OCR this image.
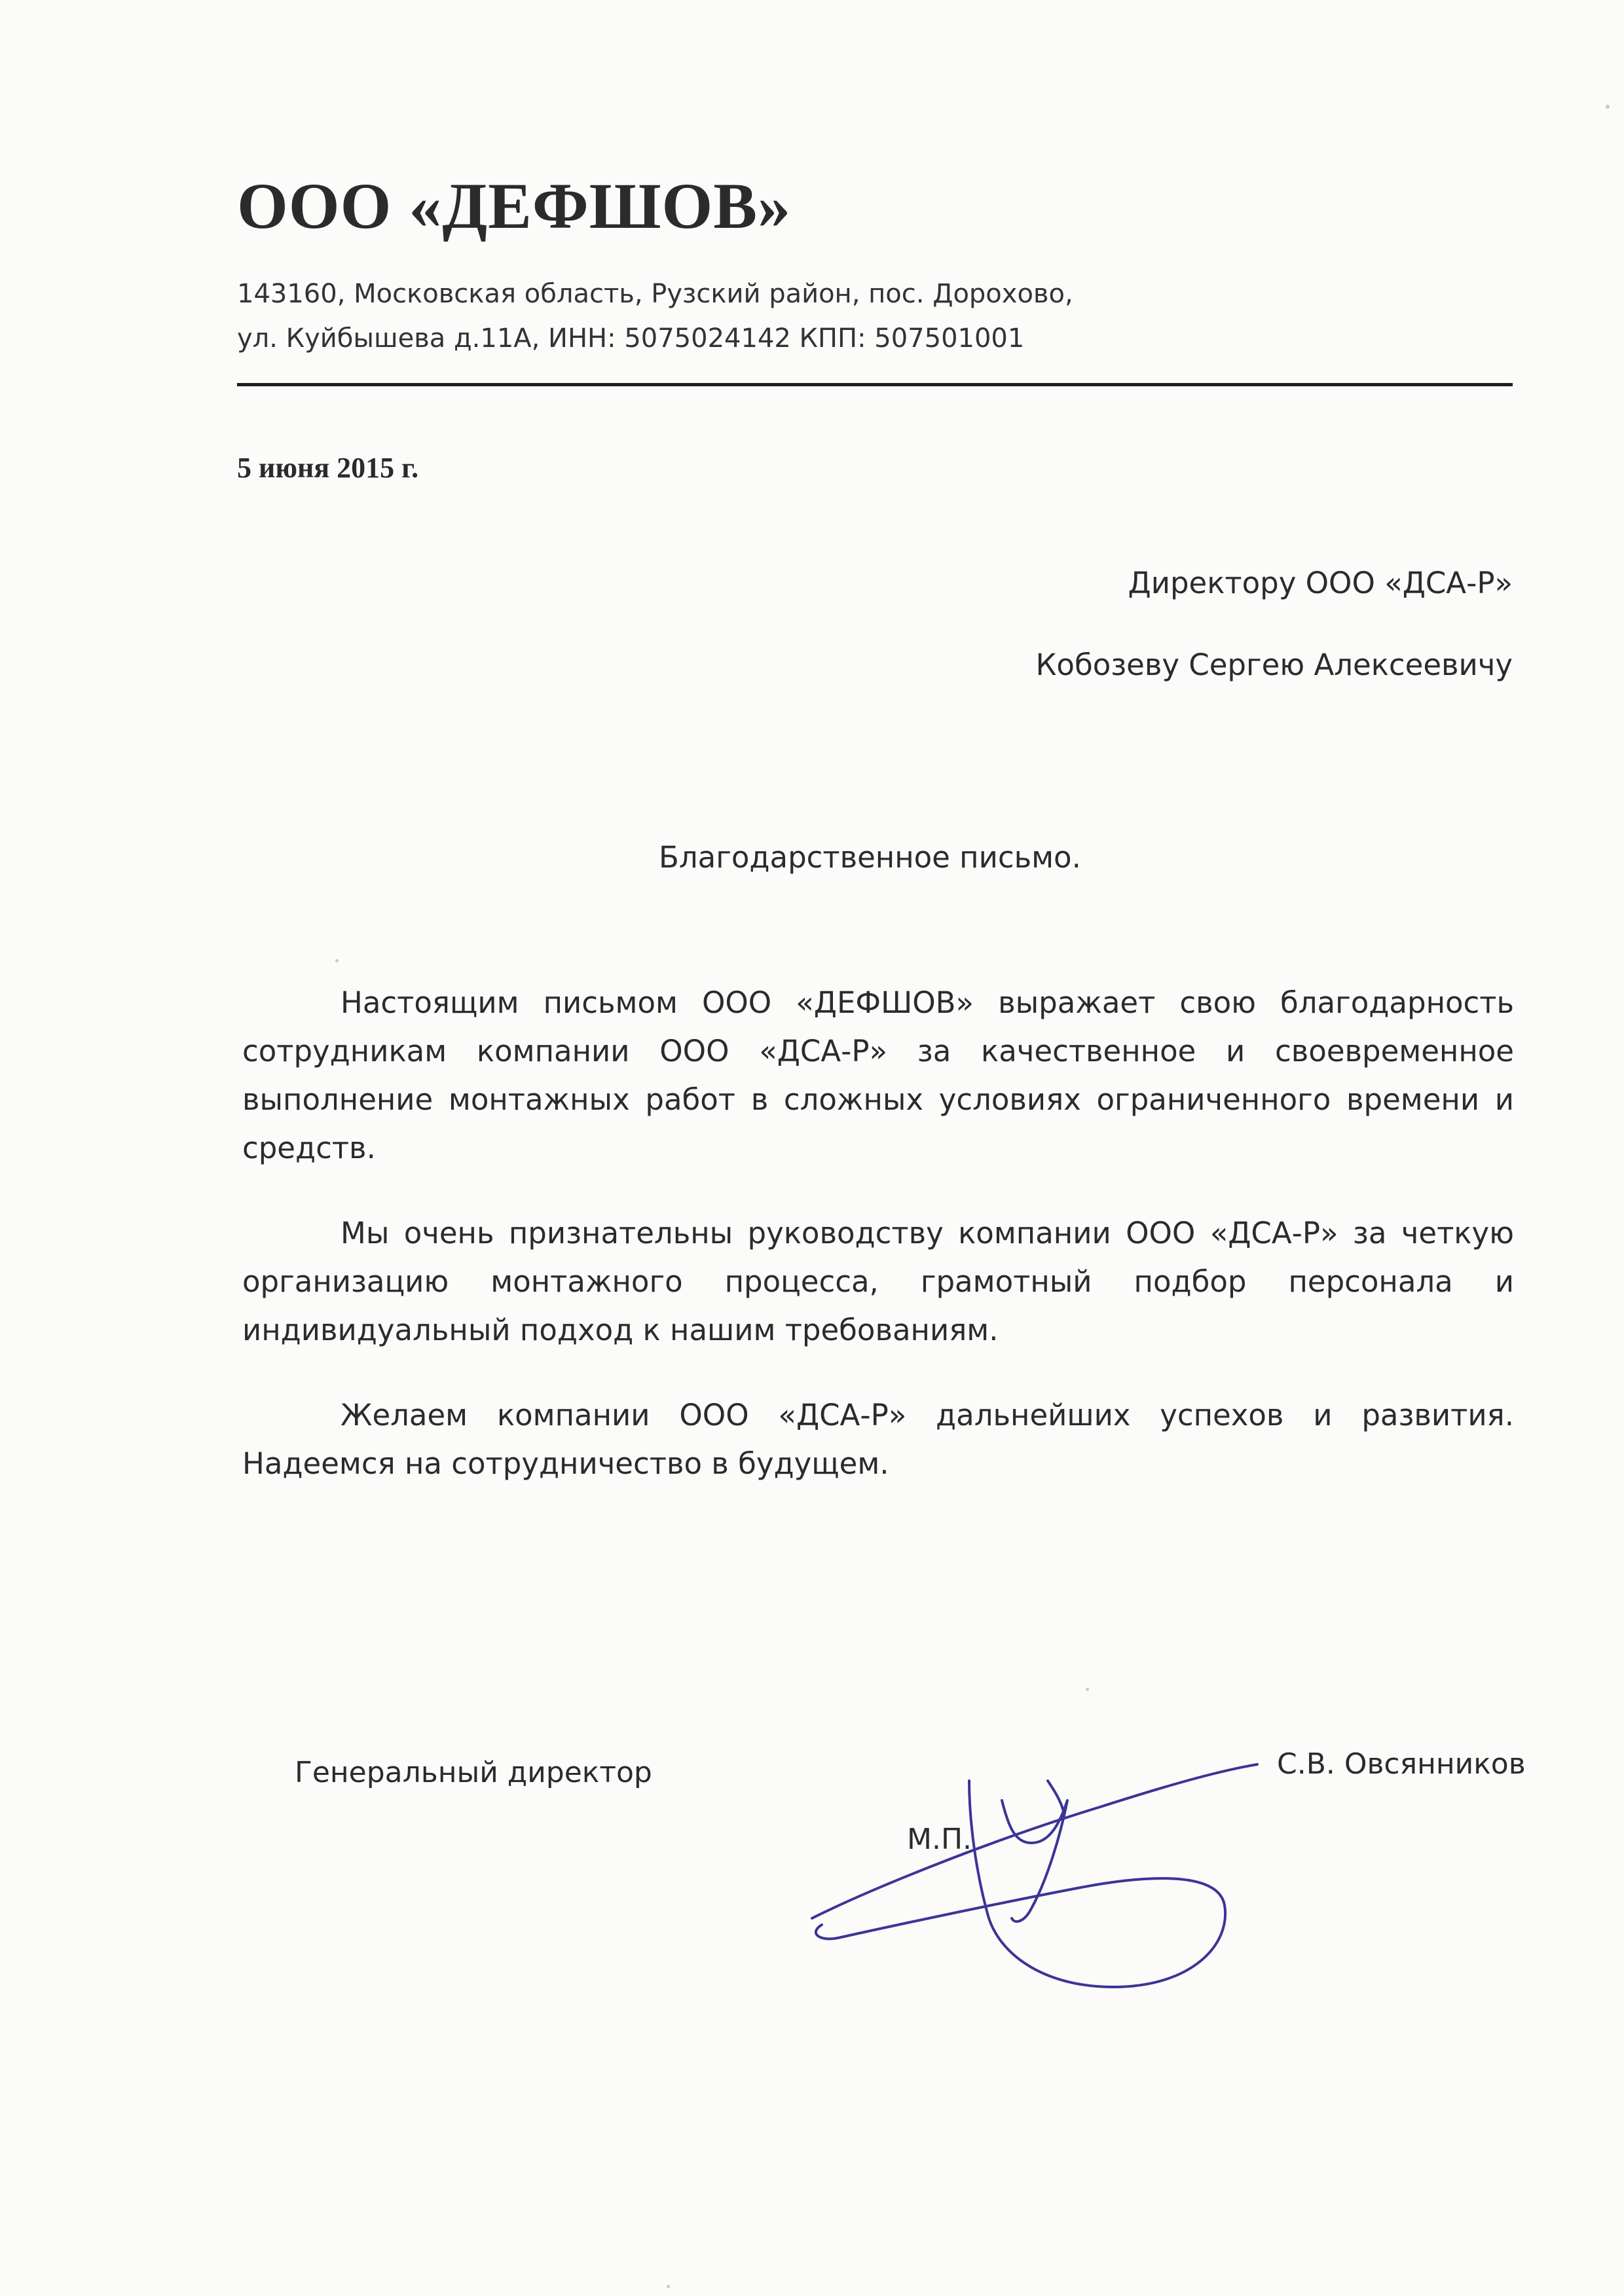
ООО «ДЕФШОВ»
143160, Московская область, Рузский район, пос. Дорохово,
ул. Куйбышева д.11А, ИНН: 5075024142 КПП: 507501001
5 июня 2015 г.
Директору ООО «ДСА-Р»
Кобозеву Сергею Алексеевичу
Благодарственное письмо.

Настоящим письмом ООО «ДЕФШОВ» выражает свою благодарность сотрудникам компании ООО «ДСА-Р» за качественное и своевременное выполнение монтажных работ в сложных условиях ограниченного времени и средств.

Мы очень признательны руководству компании ООО «ДСА-Р» за четкую организацию монтажного процесса, грамотный подбор персонала и индивидуальный подход к нашим требованиям.

Желаем компании ООО «ДСА-Р» дальнейших успехов и развития. Надеемся на сотрудничество в будущем.

Генеральный директор	С.В. Овсянников
М.П.
